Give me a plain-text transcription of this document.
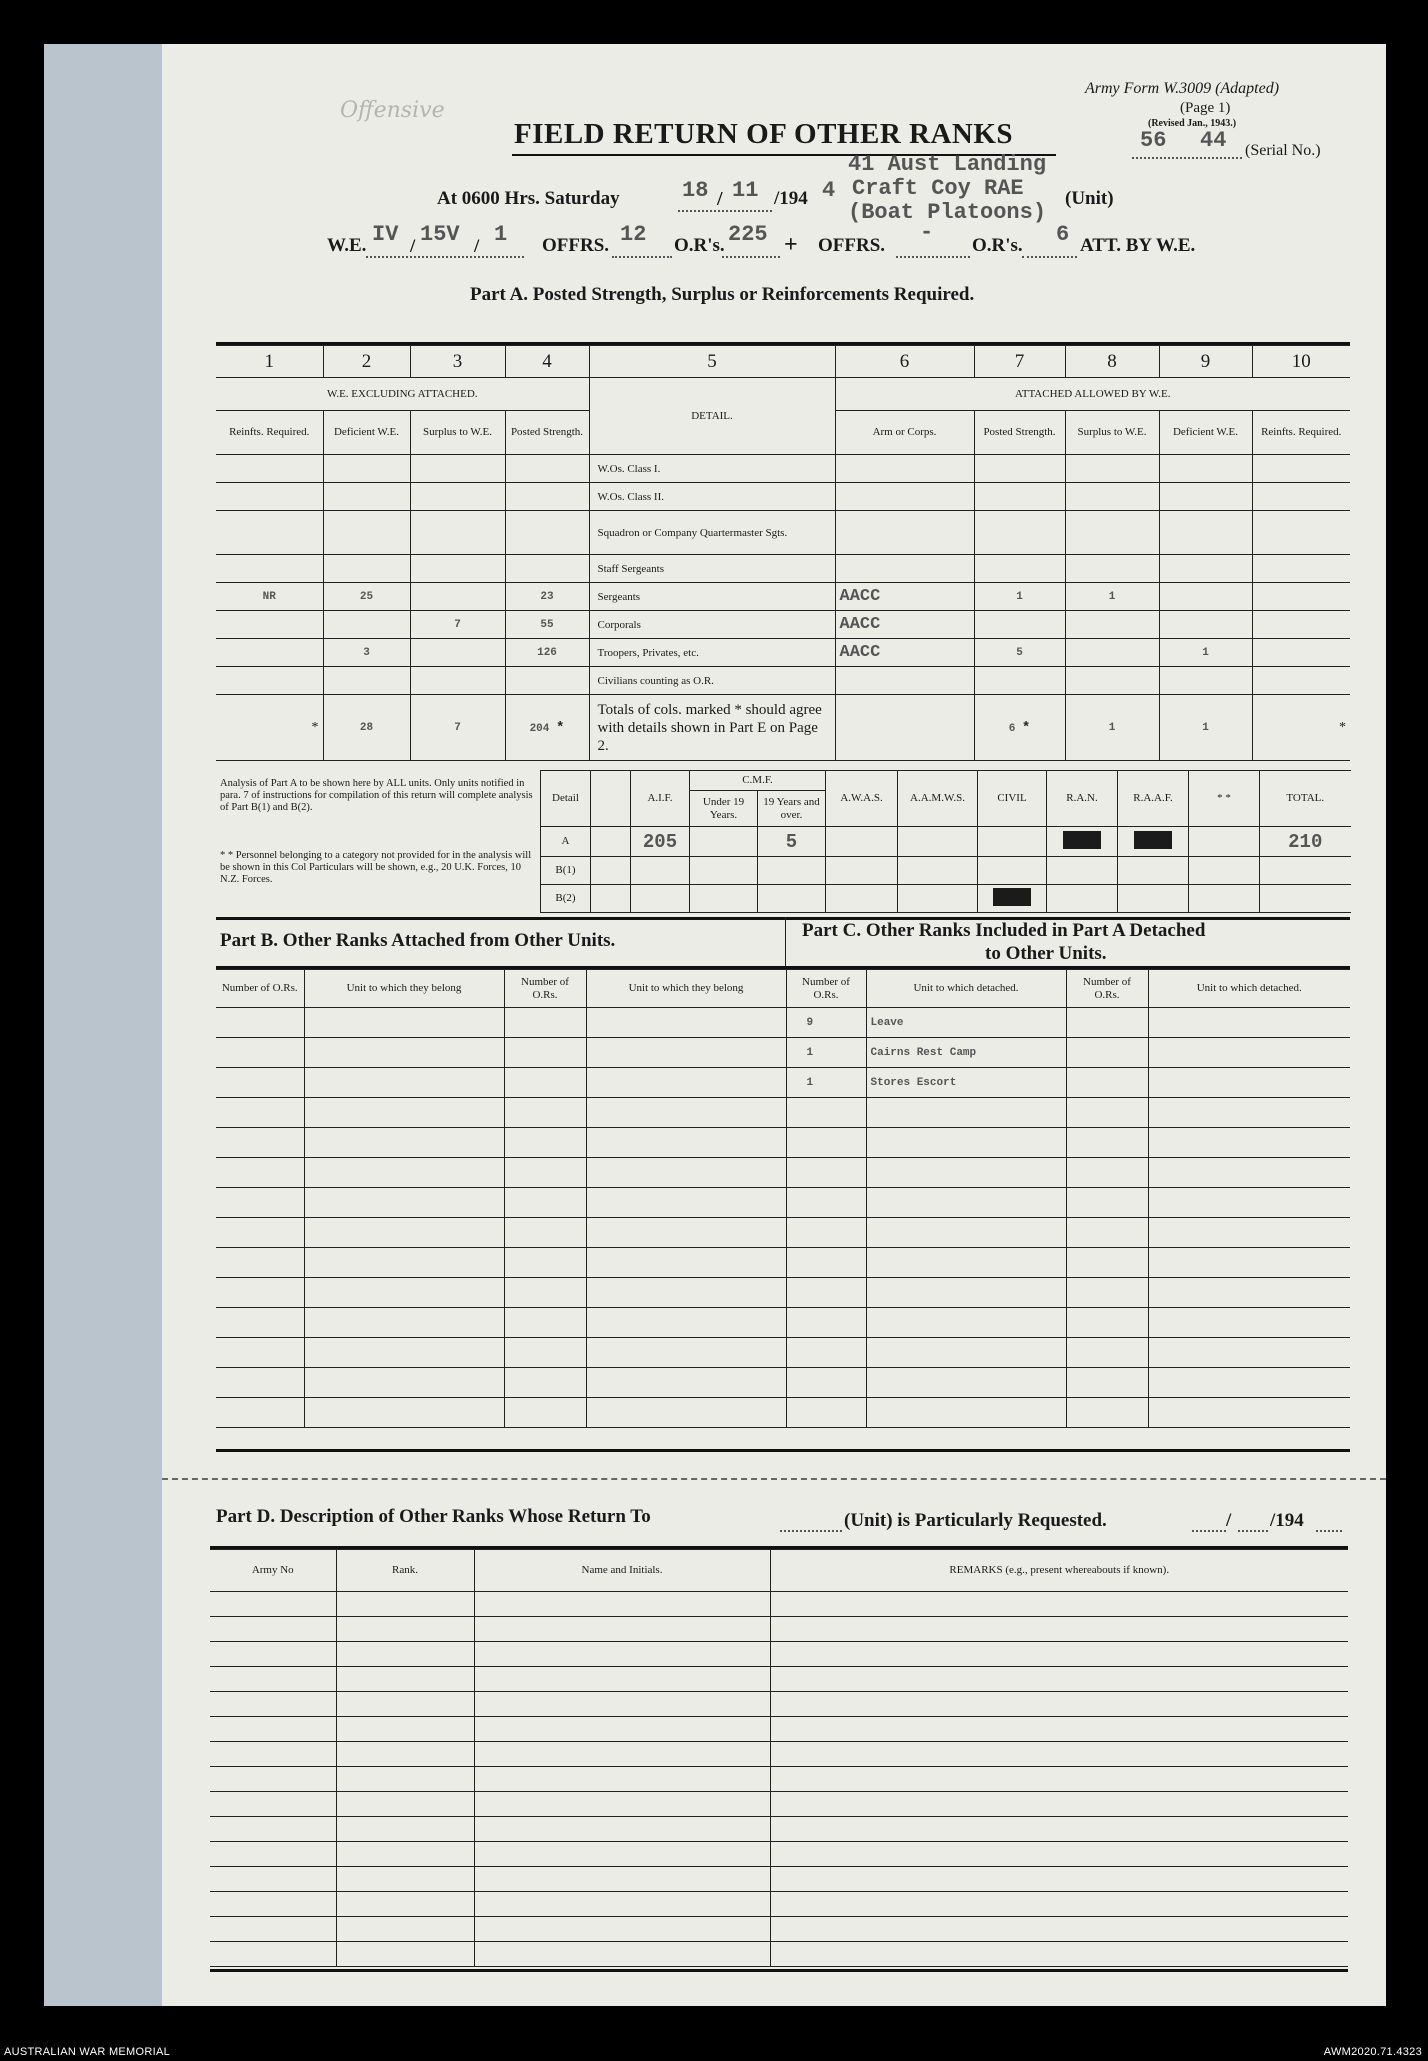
Army Form W.3009 (Adapted)
(Page 1)
(Revised Jan., 1943.)
56 44 (Serial No.)
Offensive
FIELD RETURN OF OTHER RANKS
41 Aust Landing
Craft Coy RAE
(Boat Platoons)
At 0600 Hrs. Saturday	18 / 11 /194 4	(Unit)
W.E. IV / 15V / 1 OFFRS. 12 O.R's. 225 + OFFRS.
-
O.R's. 6 ATT. BY W.E.
Part A. Posted Strength, Surplus or Reinforcements Required.
1	2	3	4	5	6	7	8	9	10
W.E. EXCLUDING ATTACHED.				DETAIL.	ATTACHED ALLOWED BY W.E.				
Reinfts. Required.	Deficient W.E.	Surplus to W.E.	Posted Strength.		Arm or Corps.	Posted Strength.	Surplus to W.E.	Deficient W.E.	Reinfts. Required.
				W.Os. Class I.					
				W.Os. Class II.					
				Squadron or Company Quartermaster Sgts.					
				Staff Sergeants					
NR	25		23	Sergeants	AACC	1	1		
		7	55	Corporals	AACC				
	3		126	Troopers, Privates, etc.	AACC	5		1	
				Civilians counting as O.R.					
*	28	7	204 *	Totals of cols. marked * should agree with details shown in Part E on Page 2.		6 *	1	1	*
Analysis of Part A to be shown here by ALL units. Only units notified in para. 7 of instructions for compilation of this return will complete analysis of Part B(1) and B(2).
* * Personnel belonging to a category not provided for in the analysis will be shown in this Col Particulars will be shown, e.g., 20 U.K. Forces, 10 N.Z. Forces.
Detail		A.I.F.	C.M.F.		A.W.A.S.	A.A.M.W.S.	CIVIL	R.A.N.	R.A.A.F.	* *	TOTAL.
			Under 19 Years.	19 Years and over.							
A		205		5							210
B(1)											
B(2)											
Part B. Other Ranks Attached from Other Units.	Part C. Other Ranks Included in Part A Detached
to Other Units.
Number of O.Rs.	Unit to which they belong	Number of O.Rs.	Unit to which they belong	Number of O.Rs.	Unit to which detached.	Number of O.Rs.	Unit to which detached.
				9	Leave		
				1	Cairns Rest Camp		
				1	Stores Escort		

Part D. Description of Other Ranks Whose Return To	(Unit) is Particularly Requested.	/ /194
Army No	Rank.	Name and Initials.	REMARKS (e.g., present whereabouts if known).

AUSTRALIAN WAR MEMORIAL	AWM2020.71.4323
